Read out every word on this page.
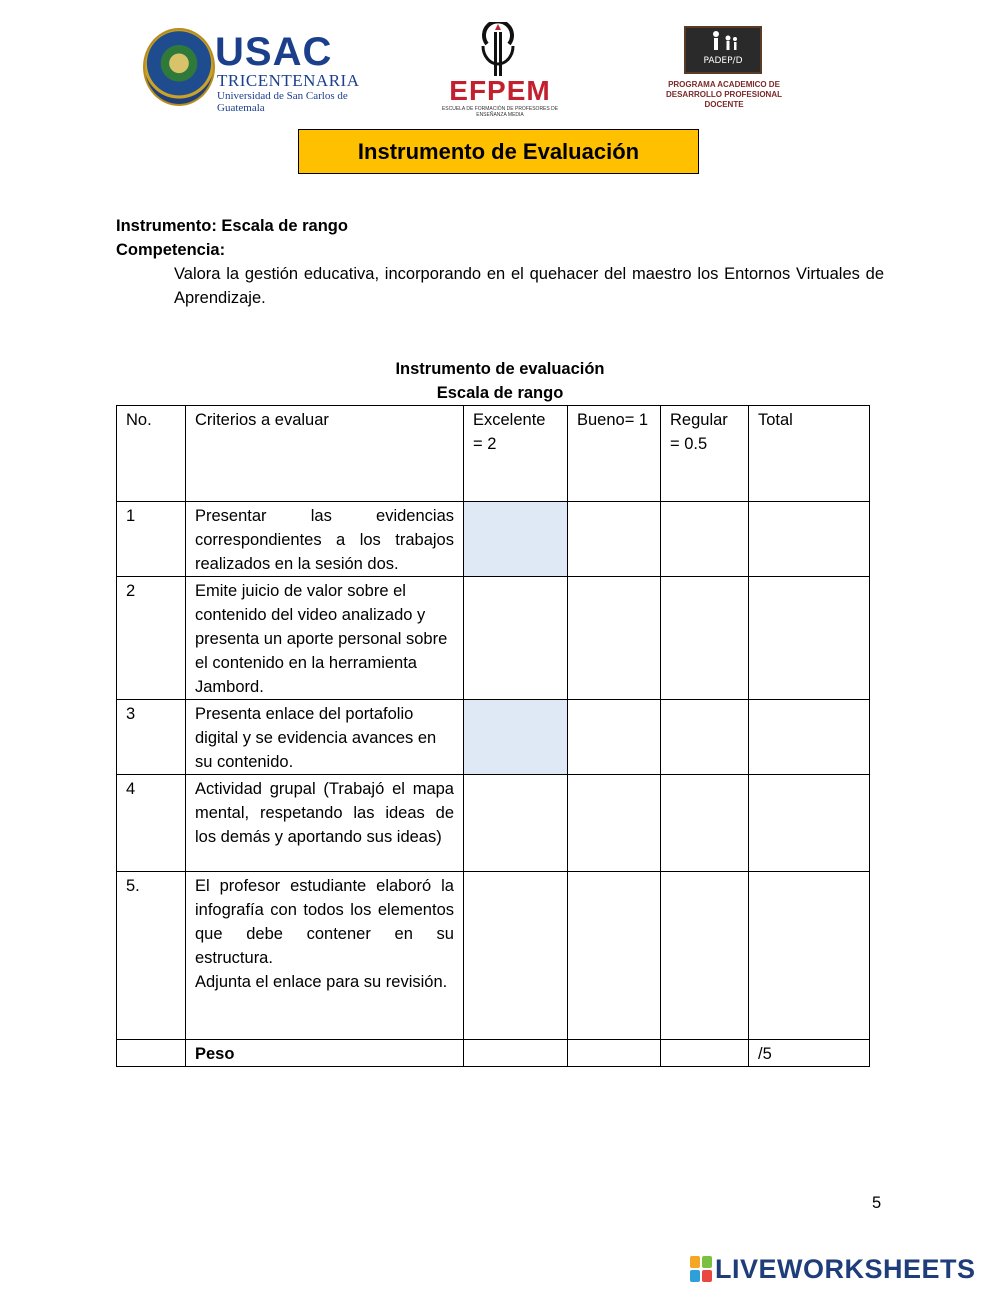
USAC
TRICENTENARIA
Universidad de San Carlos de Guatemala
EFPEM
ESCUELA DE FORMACIÓN DE PROFESORES DE ENSEÑANZA MEDIA
PADEP/D
PROGRAMA ACADEMICO DE
DESARROLLO PROFESIONAL DOCENTE
Instrumento de Evaluación
Instrumento: Escala de rango
Competencia:
Valora la gestión educativa, incorporando en el quehacer del maestro los Entornos Virtuales de Aprendizaje.
Instrumento de evaluación
Escala de rango
No.	Criterios a evaluar	Excelente = 2	Bueno= 1	Regular = 0.5	Total
1	Presentar las evidencias correspondientes a los trabajos realizados en la sesión dos.				
2	Emite juicio de valor sobre el contenido del video analizado y presenta un aporte personal sobre el contenido en la herramienta Jambord.				
3	Presenta enlace del portafolio digital y se evidencia avances en su contenido.				
4	Actividad grupal (Trabajó el mapa mental, respetando las ideas de los demás y aportando sus ideas)				
5.	El profesor estudiante elaboró la infografía con todos los elementos que debe contener en su estructura.
Adjunta el enlace para su revisión.				

	Peso				/5
5
LIVEWORKSHEETS
